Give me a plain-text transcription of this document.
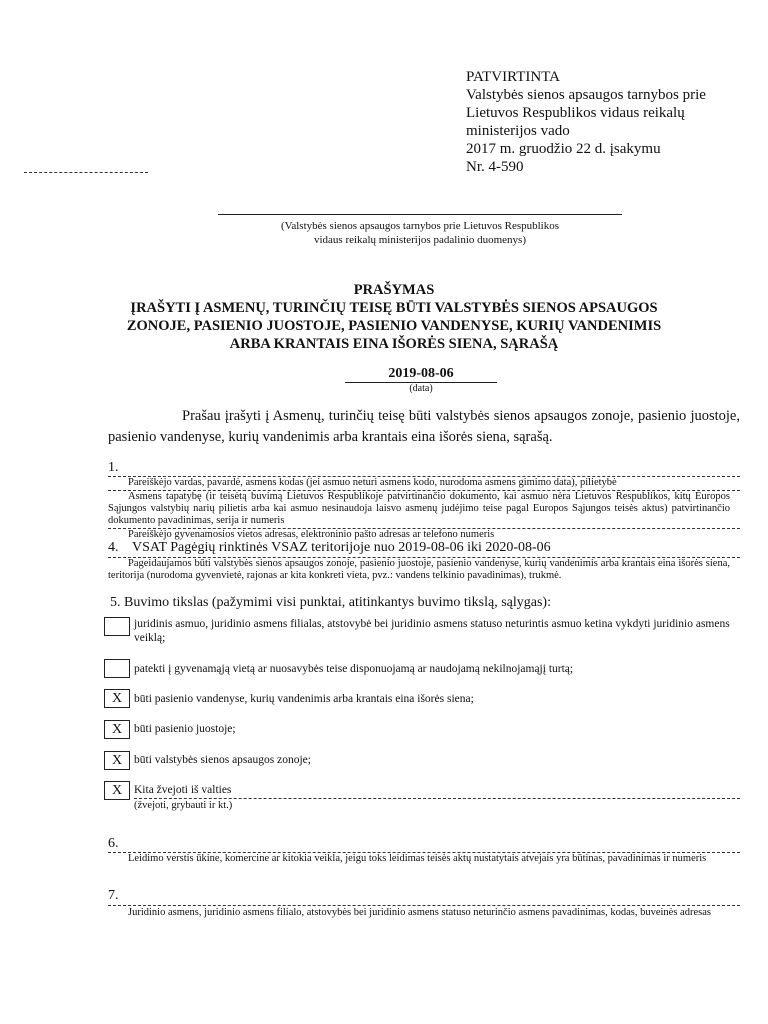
PATVIRTINTA
Valstybės sienos apsaugos tarnybos prie
Lietuvos Respublikos vidaus reikalų
ministerijos vado
2017 m. gruodžio 22 d. įsakymu
Nr. 4-590
(Valstybės sienos apsaugos tarnybos prie Lietuvos Respublikos
vidaus reikalų ministerijos padalinio duomenys)
PRAŠYMAS
ĮRAŠYTI Į ASMENŲ, TURINČIŲ TEISĘ BŪTI VALSTYBĖS SIENOS APSAUGOS
ZONOJE, PASIENIO JUOSTOJE, PASIENIO VANDENYSE, KURIŲ VANDENIMIS
ARBA KRANTAIS EINA IŠORĖS SIENA, SĄRAŠĄ
2019-08-06
(data)
Prašau įrašyti į Asmenų, turinčių teisę būti valstybės sienos apsaugos zonoje, pasienio juostoje, pasienio vandenyse, kurių vandenimis arba krantais eina išorės siena, sąrašą.
1.
Pareiškėjo vardas, pavardė, asmens kodas (jei asmuo neturi asmens kodo, nurodoma asmens gimimo data), pilietybė
Asmens tapatybę (ir teisėtą buvimą Lietuvos Respublikoje patvirtinančio dokumento, kai asmuo nėra Lietuvos Respublikos, kitų Europos Sąjungos valstybių narių pilietis arba kai asmuo nesinaudoja laisvo asmenų judėjimo teise pagal Europos Sąjungos teisės aktus) patvirtinančio dokumento pavadinimas, serija ir numeris
Pareiškėjo gyvenamosios vietos adresas, elektroninio pašto adresas ar telefono numeris
4. VSAT Pagėgių rinktinės VSAZ teritorijoje nuo 2019-08-06 iki 2020-08-06
Pageidaujamos būti valstybės sienos apsaugos zonoje, pasienio juostoje, pasienio vandenyse, kurių vandenimis arba krantais eina išorės siena, teritorija (nurodoma gyvenvietė, rajonas ar kita konkreti vieta, pvz.: vandens telkinio pavadinimas), trukmė.
5. Buvimo tikslas (pažymimi visi punktai, atitinkantys buvimo tikslą, sąlygas):
juridinis asmuo, juridinio asmens filialas, atstovybė bei juridinio asmens statuso neturintis asmuo ketina vykdyti juridinio asmens veiklą;
patekti į gyvenamąją vietą ar nuosavybės teise disponuojamą ar naudojamą nekilnojamąjį turtą;
X	būti pasienio vandenyse, kurių vandenimis arba krantais eina išorės siena;
X	būti pasienio juostoje;
X	būti valstybės sienos apsaugos zonoje;
X	Kita žvejoti iš valties
(žvejoti, grybauti ir kt.)
6.
Leidimo verstis ūkine, komercine ar kitokia veikla, jeigu toks leidimas teisės aktų nustatytais atvejais yra būtinas, pavadinimas ir numeris
7.
Juridinio asmens, juridinio asmens filialo, atstovybės bei juridinio asmens statuso neturinčio asmens pavadinimas, kodas, buveinės adresas
